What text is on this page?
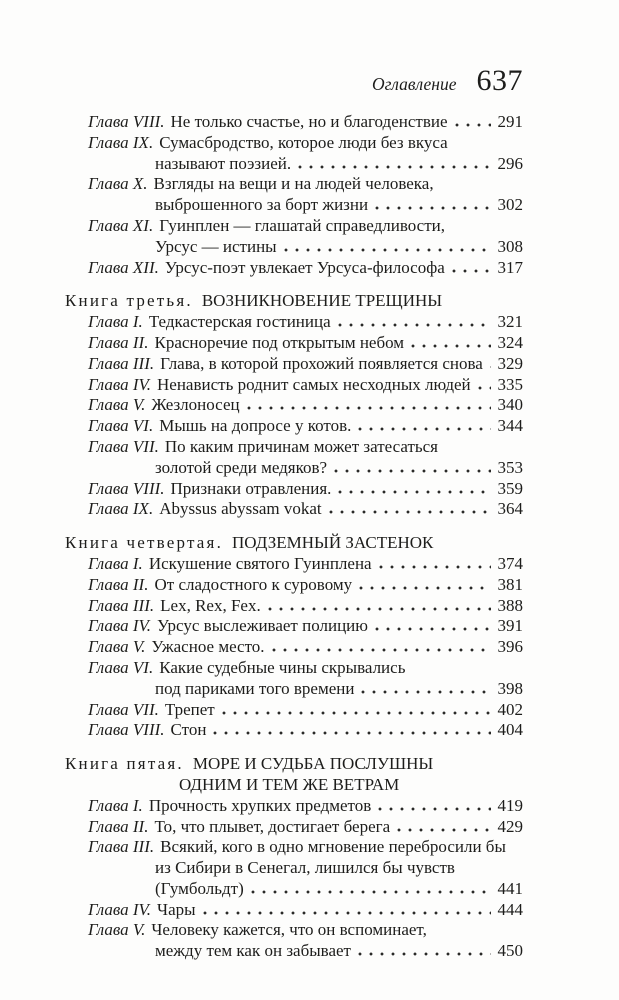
Оглавление 637
Глава VIII. Не только счастье, но и благоденствие	291
Глава IX. Сумасбродство, которое люди без вкуса
называют поэзией.	296
Глава X. Взгляды на вещи и на людей человека,
выброшенного за борт жизни	302
Глава XI. Гуинплен — глашатай справедливости,
Урсус — истины	308
Глава XII. Урсус-поэт увлекает Урсуса-философа	317
Книга третья. ВОЗНИКНОВЕНИЕ ТРЕЩИНЫ
Глава I. Тедкастерская гостиница	321
Глава II. Красноречие под открытым небом	324
Глава III. Глава, в которой прохожий появляется снова 329
Глава IV. Ненависть роднит самых несходных людей 335
Глава V. Жезлоносец	340
Глава VI. Мышь на допросе у котов.	344
Глава VII. По каким причинам может затесаться
золотой среди медяков?	353
Глава VIII. Признаки отравления.	359
Глава IX. Abyssus abyssam vokat	364
Книга четвертая. ПОДЗЕМНЫЙ ЗАСТЕНОК
Глава I. Искушение святого Гуинплена	374
Глава II. От сладостного к суровому	381
Глава III. Lex, Rex, Fex.	388
Глава IV. Урсус выслеживает полицию	391
Глава V. Ужасное место.	396
Глава VI. Какие судебные чины скрывались
под париками того времени	398
Глава VII. Трепет	402
Глава VIII. Стон	404
Книга пятая. МОРЕ И СУДЬБА ПОСЛУШНЫ
ОДНИМ И ТЕМ ЖЕ ВЕТРАМ
Глава I. Прочность хрупких предметов	419
Глава II. То, что плывет, достигает берега	429
Глава III. Всякий, кого в одно мгновение перебросили бы
из Сибири в Сенегал, лишился бы чувств
(Гумбольдт)	441
Глава IV. Чары	444
Глава V. Человеку кажется, что он вспоминает,
между тем как он забывает	450
